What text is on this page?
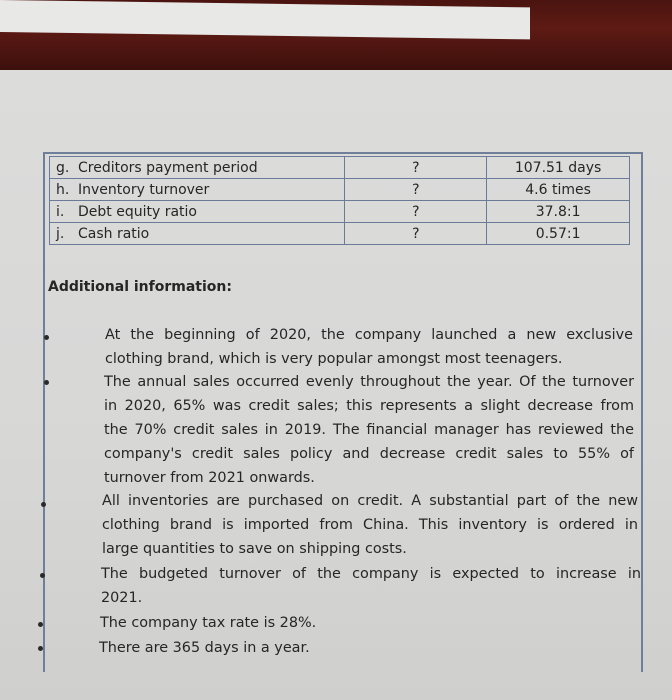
g. Creditors payment period	?	107.51 days
h. Inventory turnover	?	4.6 times
i. Debt equity ratio	?	37.8:1
j. Cash ratio	?	0.57:1
Additional information:
At the beginning of 2020, the company launched a new exclusive
clothing brand, which is very popular amongst most teenagers.
The annual sales occurred evenly throughout the year. Of the turnover
in 2020, 65% was credit sales; this represents a slight decrease from
the 70% credit sales in 2019. The financial manager has reviewed the
company's credit sales policy and decrease credit sales to 55% of
turnover from 2021 onwards.
All inventories are purchased on credit. A substantial part of the new
clothing brand is imported from China. This inventory is ordered in
large quantities to save on shipping costs.
The budgeted turnover of the company is expected to increase in
2021.
The company tax rate is 28%.
There are 365 days in a year.
